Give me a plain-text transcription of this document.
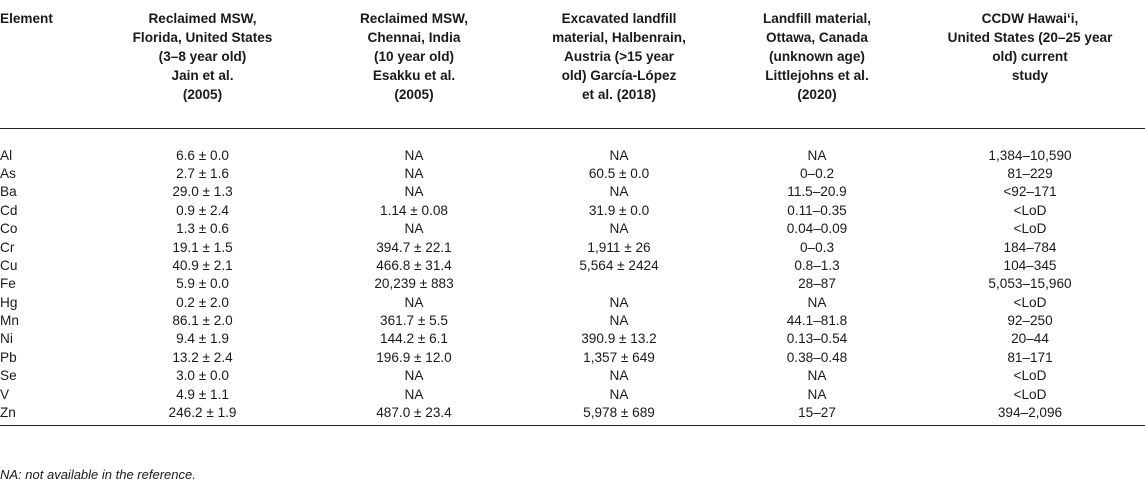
Element	Reclaimed MSW,
Florida, United States
(3–8 year old)
Jain et al.
(2005)	Reclaimed MSW,
Chennai, India
(10 year old)
Esakku et al.
(2005)	Excavated landfill
material, Halbenrain,
Austria (>15 year
old) García-López
et al. (2018)	Landfill material,
Ottawa, Canada
(unknown age)
Littlejohns et al.
(2020)	CCDW Hawaiʻi,
United States (20–25 year
old) current
study

Al	6.6 ± 0.0	NA	NA	NA	1,384–10,590
As	2.7 ± 1.6	NA	60.5 ± 0.0	0–0.2	81–229
Ba	29.0 ± 1.3	NA	NA	11.5–20.9	<92–171
Cd	0.9 ± 2.4	1.14 ± 0.08	31.9 ± 0.0	0.11–0.35	<LoD
Co	1.3 ± 0.6	NA	NA	0.04–0.09	<LoD
Cr	19.1 ± 1.5	394.7 ± 22.1	1,911 ± 26	0–0.3	184–784
Cu	40.9 ± 2.1	466.8 ± 31.4	5,564 ± 2424	0.8–1.3	104–345
Fe	5.9 ± 0.0	20,239 ± 883		28–87	5,053–15,960
Hg	0.2 ± 2.0	NA	NA	NA	<LoD
Mn	86.1 ± 2.0	361.7 ± 5.5	NA	44.1–81.8	92–250
Ni	9.4 ± 1.9	144.2 ± 6.1	390.9 ± 13.2	0.13–0.54	20–44
Pb	13.2 ± 2.4	196.9 ± 12.0	1,357 ± 649	0.38–0.48	81–171
Se	3.0 ± 0.0	NA	NA	NA	<LoD
V	4.9 ± 1.1	NA	NA	NA	<LoD
Zn	246.2 ± 1.9	487.0 ± 23.4	5,978 ± 689	15–27	394–2,096
NA: not available in the reference.
